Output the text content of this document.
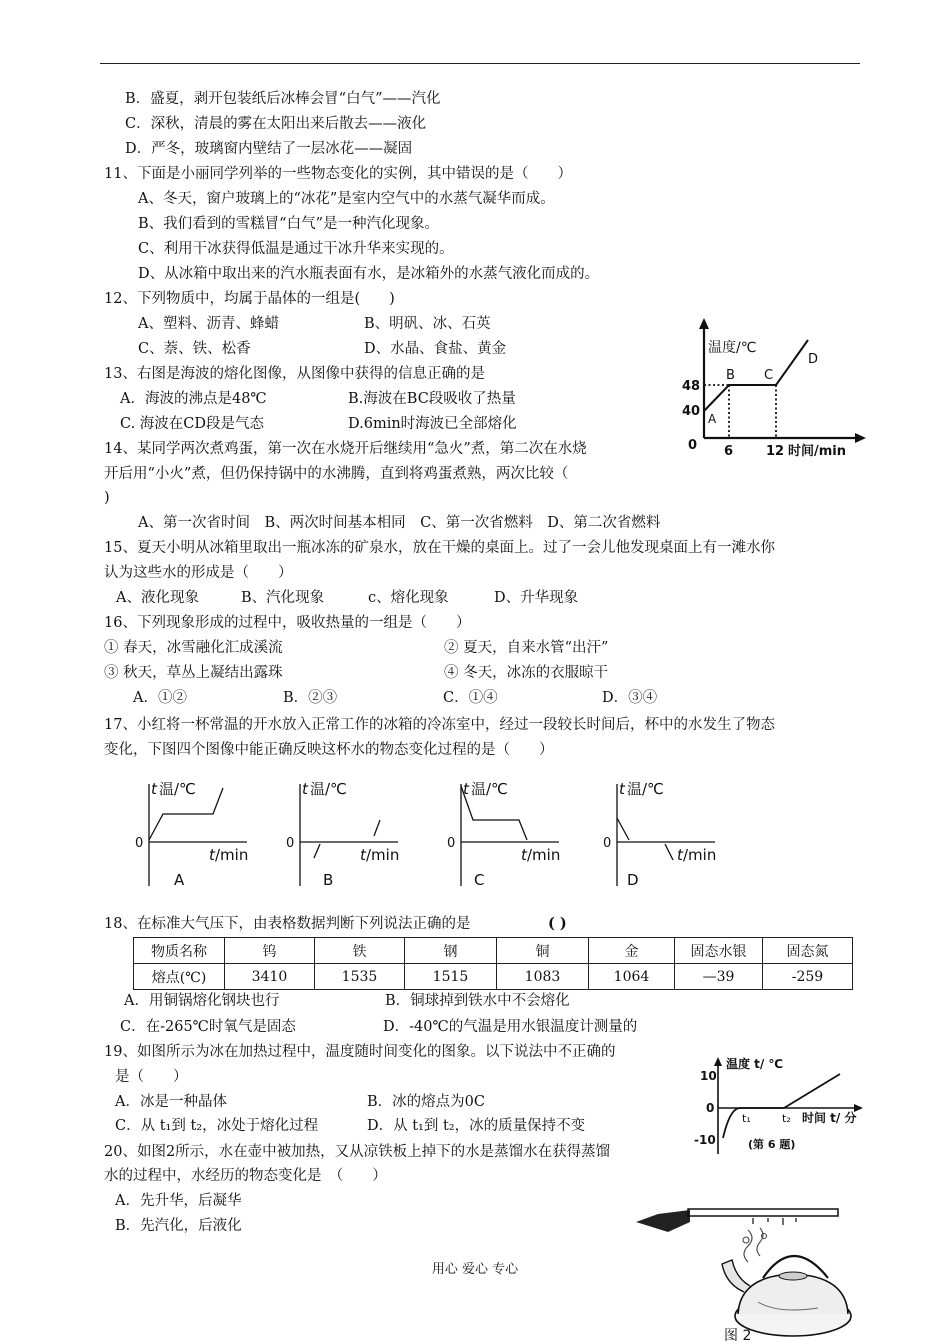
B．盛夏，剥开包装纸后冰棒会冒“白气”——汽化
C．深秋，清晨的雾在太阳出来后散去——液化
D．严冬，玻璃窗内壁结了一层冰花——凝固
11、下面是小丽同学列举的一些物态变化的实例，其中错误的是（　　）
A、冬天，窗户玻璃上的“冰花”是室内空气中的水蒸气凝华而成。
B、我们看到的雪糕冒“白气”是一种汽化现象。
C、利用干冰获得低温是通过干冰升华来实现的。
D、从冰箱中取出来的汽水瓶表面有水，是冰箱外的水蒸气液化而成的。
12、下列物质中，均属于晶体的一组是(　　)
A、塑料、沥青、蜂蜡	B、明矾、冰、石英
C、萘、铁、松香	D、水晶、食盐、黄金
13、右图是海波的熔化图像，从图像中获得的信息正确的是
A．海波的沸点是48℃	B.海波在BC段吸收了热量
C. 海波在CD段是气态	D.6min时海波已全部熔化
温度/℃
48
40
0 6	12 时间/min
A
B C
D
14、某同学两次煮鸡蛋，第一次在水烧开后继续用“急火”煮，第二次在水烧
开后用“小火”煮，但仍保持锅中的水沸腾，直到将鸡蛋煮熟，两次比较（
)
A、第一次省时间　B、两次时间基本相同　C、第一次省燃料　D、第二次省燃料
15、夏天小明从冰箱里取出一瓶冰冻的矿泉水，放在干燥的桌面上。过了一会儿他发现桌面上有一滩水你
认为这些水的形成是（　　）
A、液化现象	B、汽化现象	c、熔化现象	D、升华现象
16、下列现象形成的过程中，吸收热量的一组是（　　）
① 春天，冰雪融化汇成溪流	② 夏天，自来水管“出汗”
③ 秋天，草丛上凝结出露珠	④ 冬天，冰冻的衣服晾干
A．①②	B．②③	C．①④	D．③④
17、小红将一杯常温的开水放入正常工作的冰箱的冷冻室中，经过一段较长时间后，杯中的水发生了物态
变化，下图四个图像中能正确反映这杯水的物态变化过程的是（　　）
t 温/℃
0
t /min
A
t 温/℃
0
t /min
B
t 温/℃
0
t /min
C
t 温/℃
0
t /min
D
18、在标准大气压下，由表格数据判断下列说法正确的是	( )
物质名称	钨	铁	钢	铜	金	固态水银	固态氮
熔点(℃)	3410	1535	1515	1083	1064	—39	-259
A．用铜锅熔化钢块也行	B．铜球掉到铁水中不会熔化
C．在-265℃时氧气是固态	D．-40℃的气温是用水银温度计测量的
19、如图所示为冰在加热过程中，温度随时间变化的图象。以下说法中不正确的
是（　　）
A．冰是一种晶体	B．冰的熔点为0C
C．从 t₁到 t₂，冰处于熔化过程	D．从 t₁到 t₂，冰的质量保持不变
温度 t/ ℃
10
0
-10
t₁	t₂ 时间 t/ 分
(第 6 题)
20、如图2所示，水在壶中被加热，又从凉铁板上掉下的水是蒸馏水在获得蒸馏
水的过程中，水经历的物态变化是　（　　）
A．先升华，后凝华
B．先汽化，后液化
图 2
用心 爱心 专心
